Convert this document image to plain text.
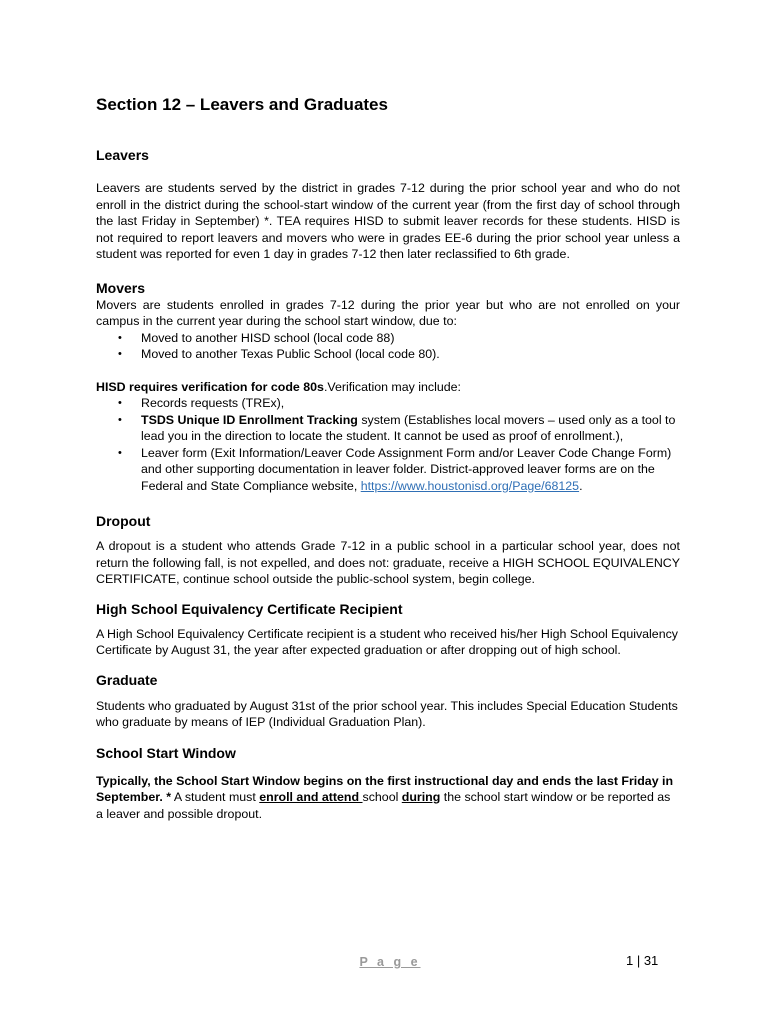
Section 12 – Leavers and Graduates
Leavers

Leavers are students served by the district in grades 7-12 during the prior school year and who do not enroll in the district during the school-start window of the current year (from the first day of school through the last Friday in September) *. TEA requires HISD to submit leaver records for these students. HISD is not required to report leavers and movers who were in grades EE-6 during the prior school year unless a student was reported for even 1 day in grades 7-12 then later reclassified to 6th grade.

Movers

Movers are students enrolled in grades 7-12 during the prior year but who are not enrolled on your campus in the current year during the school start window, due to:

• Moved to another HISD school (local code 88)
• Moved to another Texas Public School (local code 80).

HISD requires verification for code 80s.Verification may include:

• Records requests (TREx),
• TSDS Unique ID Enrollment Tracking system (Establishes local movers – used only as a tool to lead you in the direction to locate the student. It cannot be used as proof of enrollment.),
• Leaver form (Exit Information/Leaver Code Assignment Form and/or Leaver Code Change Form) and other supporting documentation in leaver folder. District-approved leaver forms are on the Federal and State Compliance website, https://www.houstonisd.org/Page/68125.
Dropout

A dropout is a student who attends Grade 7-12 in a public school in a particular school year, does not return the following fall, is not expelled, and does not: graduate, receive a HIGH SCHOOL EQUIVALENCY CERTIFICATE, continue school outside the public-school system, begin college.

High School Equivalency Certificate Recipient

A High School Equivalency Certificate recipient is a student who received his/her High School Equivalency Certificate by August 31, the year after expected graduation or after dropping out of high school.

Graduate

Students who graduated by August 31st of the prior school year. This includes Special Education Students who graduate by means of IEP (Individual Graduation Plan).

School Start Window

Typically, the School Start Window begins on the first instructional day and ends the last Friday in September. * A student must enroll and attend school during the school start window or be reported as a leaver and possible dropout.

P a g e	1 | 31
